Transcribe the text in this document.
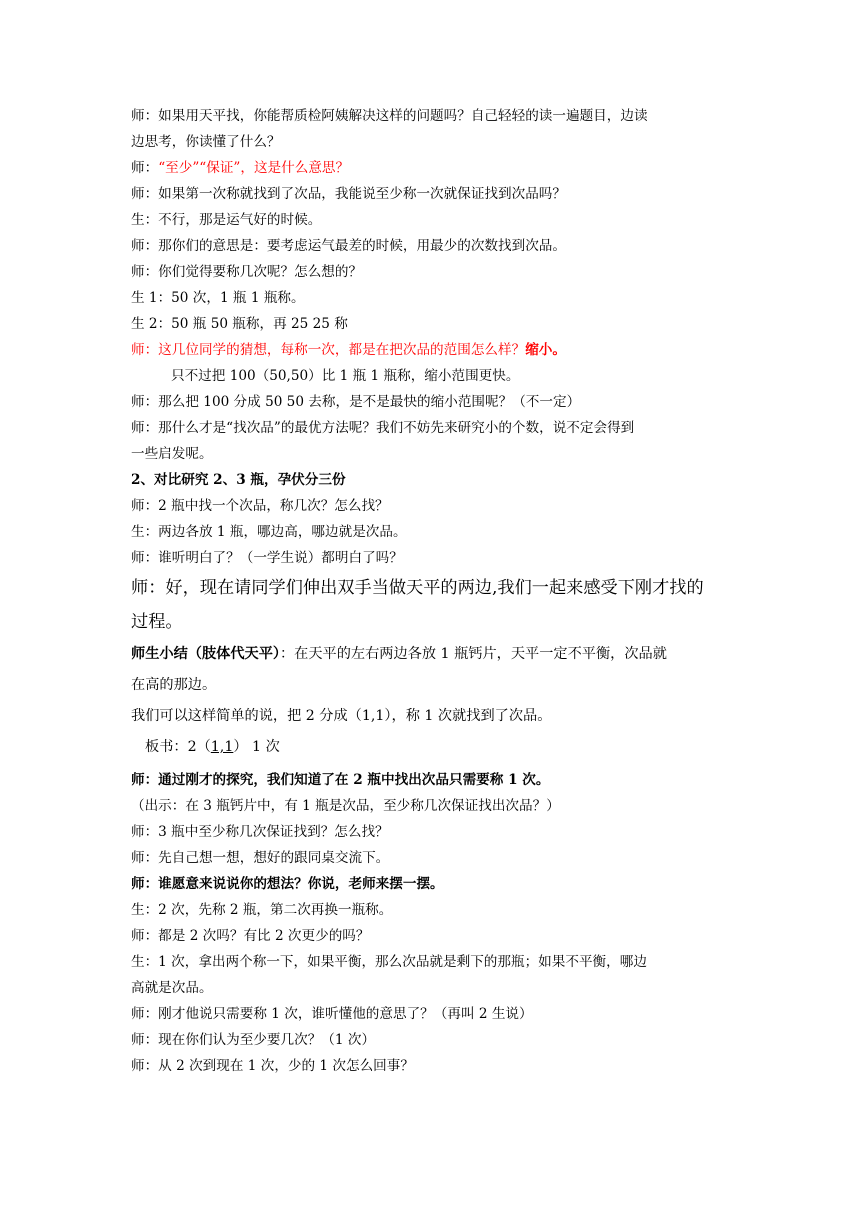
师：如果用天平找，你能帮质检阿姨解决这样的问题吗？自己轻轻的读一遍题目，边读
边思考，你读懂了什么？
师：“至少”“保证”，这是什么意思？
师：如果第一次称就找到了次品，我能说至少称一次就保证找到次品吗？
生：不行，那是运气好的时候。
师：那你们的意思是：要考虑运气最差的时候，用最少的次数找到次品。
师：你们觉得要称几次呢？怎么想的？
生 1：50 次，1 瓶 1 瓶称。
生 2：50 瓶 50 瓶称，再 25 25 称
师：这几位同学的猜想，每称一次，都是在把次品的范围怎么样？缩小。
只不过把 100（50,50）比 1 瓶 1 瓶称，缩小范围更快。
师：那么把 100 分成 50 50 去称，是不是最快的缩小范围呢？（不一定）
师：那什么才是“找次品”的最优方法呢？我们不妨先来研究小的个数，说不定会得到
一些启发呢。
2、对比研究 2、3 瓶，孕伏分三份
师：2 瓶中找一个次品，称几次？怎么找？
生：两边各放 1 瓶，哪边高，哪边就是次品。
师：谁听明白了？（一学生说）都明白了吗？
师：好，现在请同学们伸出双手当做天平的两边,我们一起来感受下刚才找的
过程。
师生小结（肢体代天平）：在天平的左右两边各放 1 瓶钙片，天平一定不平衡，次品就
在高的那边。
我们可以这样简单的说，把 2 分成（1,1），称 1 次就找到了次品。
板书：2（1,1） 1 次
师：通过刚才的探究，我们知道了在 2 瓶中找出次品只需要称 1 次。
（出示：在 3 瓶钙片中，有 1 瓶是次品，至少称几次保证找出次品？）
师：3 瓶中至少称几次保证找到？怎么找？
师：先自己想一想，想好的跟同桌交流下。
师：谁愿意来说说你的想法？你说，老师来摆一摆。
生：2 次，先称 2 瓶，第二次再换一瓶称。
师：都是 2 次吗？有比 2 次更少的吗？
生：1 次，拿出两个称一下，如果平衡，那么次品就是剩下的那瓶；如果不平衡，哪边
高就是次品。
师：刚才他说只需要称 1 次，谁听懂他的意思了？（再叫 2 生说）
师：现在你们认为至少要几次？（1 次）
师：从 2 次到现在 1 次，少的 1 次怎么回事？
